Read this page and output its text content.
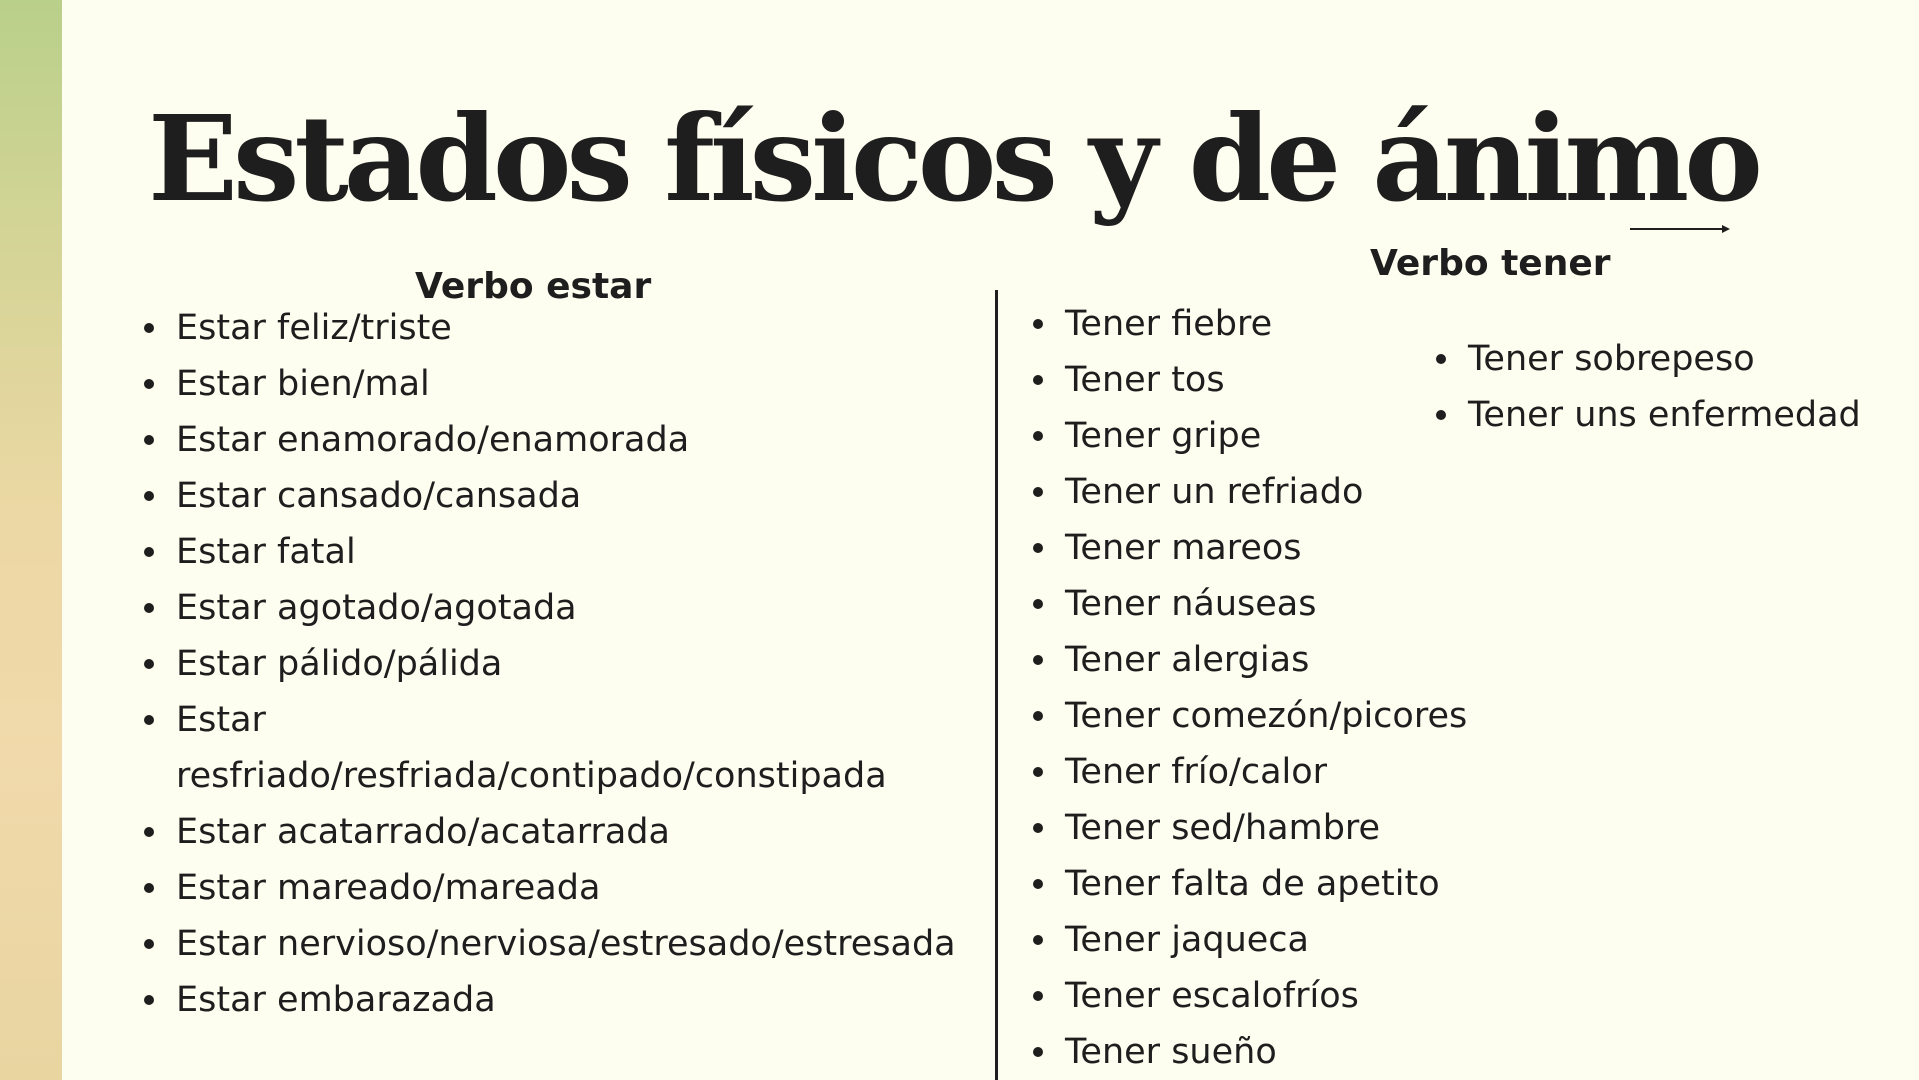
Estados físicos y de ánimo
Verbo estar
Verbo tener
Estar feliz/triste
Estar bien/mal
Estar enamorado/enamorada
Estar cansado/cansada
Estar fatal
Estar agotado/agotada
Estar pálido/pálida
Estar resfriado/resfriada/contipado/constipada
Estar acatarrado/acatarrada
Estar mareado/mareada
Estar nervioso/nerviosa/estresado/estresada
Estar embarazada
Tener fiebre
Tener tos
Tener gripe
Tener un refriado
Tener mareos
Tener náuseas
Tener alergias
Tener comezón/picores
Tener frío/calor
Tener sed/hambre
Tener falta de apetito
Tener jaqueca
Tener escalofríos
Tener sueño
Tener sobrepeso
Tener uns enfermedad
